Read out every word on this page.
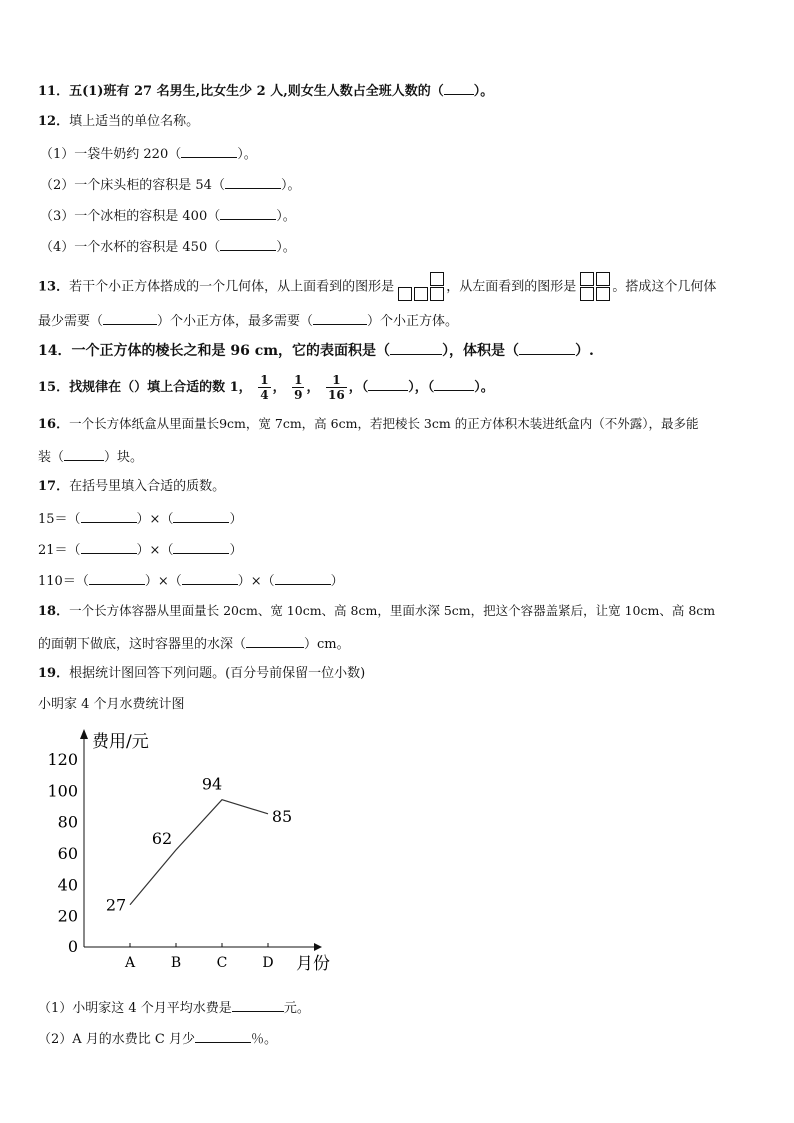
11．五(1)班有 27 名男生,比女生少 2 人,则女生人数占全班人数的（ ）。
12．填上适当的单位名称。
（1）一袋牛奶约 220（	）。
（2）一个床头柜的容积是 54（	）。
（3）一个冰柜的容积是 400（	）。
（4）一个水杯的容积是 450（	）。
13．若干个小正方体搭成的一个几何体，从上面看到的图形是	，从左面看到的图形是	。搭成这个几何体
最少需要（	）个小正方体，最多需要（	）个小正方体。
14．一个正方体的棱长之和是 96 cm，它的表面积是（	），体积是（	）.
15．找规律在（）填上合适的数 1， $\frac{1}{4}$ ， $\frac{1}{9}$ ， $\frac{1}{16}$ ，（	），（	）。
16．一个长方体纸盒从里面量长9cm，宽 7cm，高 6cm，若把棱长 3cm 的正方体积木装进纸盒内（不外露），最多能
装（	）块。
17．在括号里填入合适的质数。
15＝（	）×（	）
21＝（	）×（	）
110＝（	）×（	）×（	）
18．一个长方体容器从里面量长 20cm、宽 10cm、高 8cm，里面水深 5cm，把这个容器盖紧后，让宽 10cm、高 8cm
的面朝下做底，这时容器里的水深（	）cm。
19．根据统计图回答下列问题。(百分号前保留一位小数)
小明家 4 个月水费统计图
费用/元
月份
0
20
40
60
80
100
120
A	B	C	D
27
62
94
85
（1）小明家这 4 个月平均水费是	元。
（2）A 月的水费比 C 月少	％。
